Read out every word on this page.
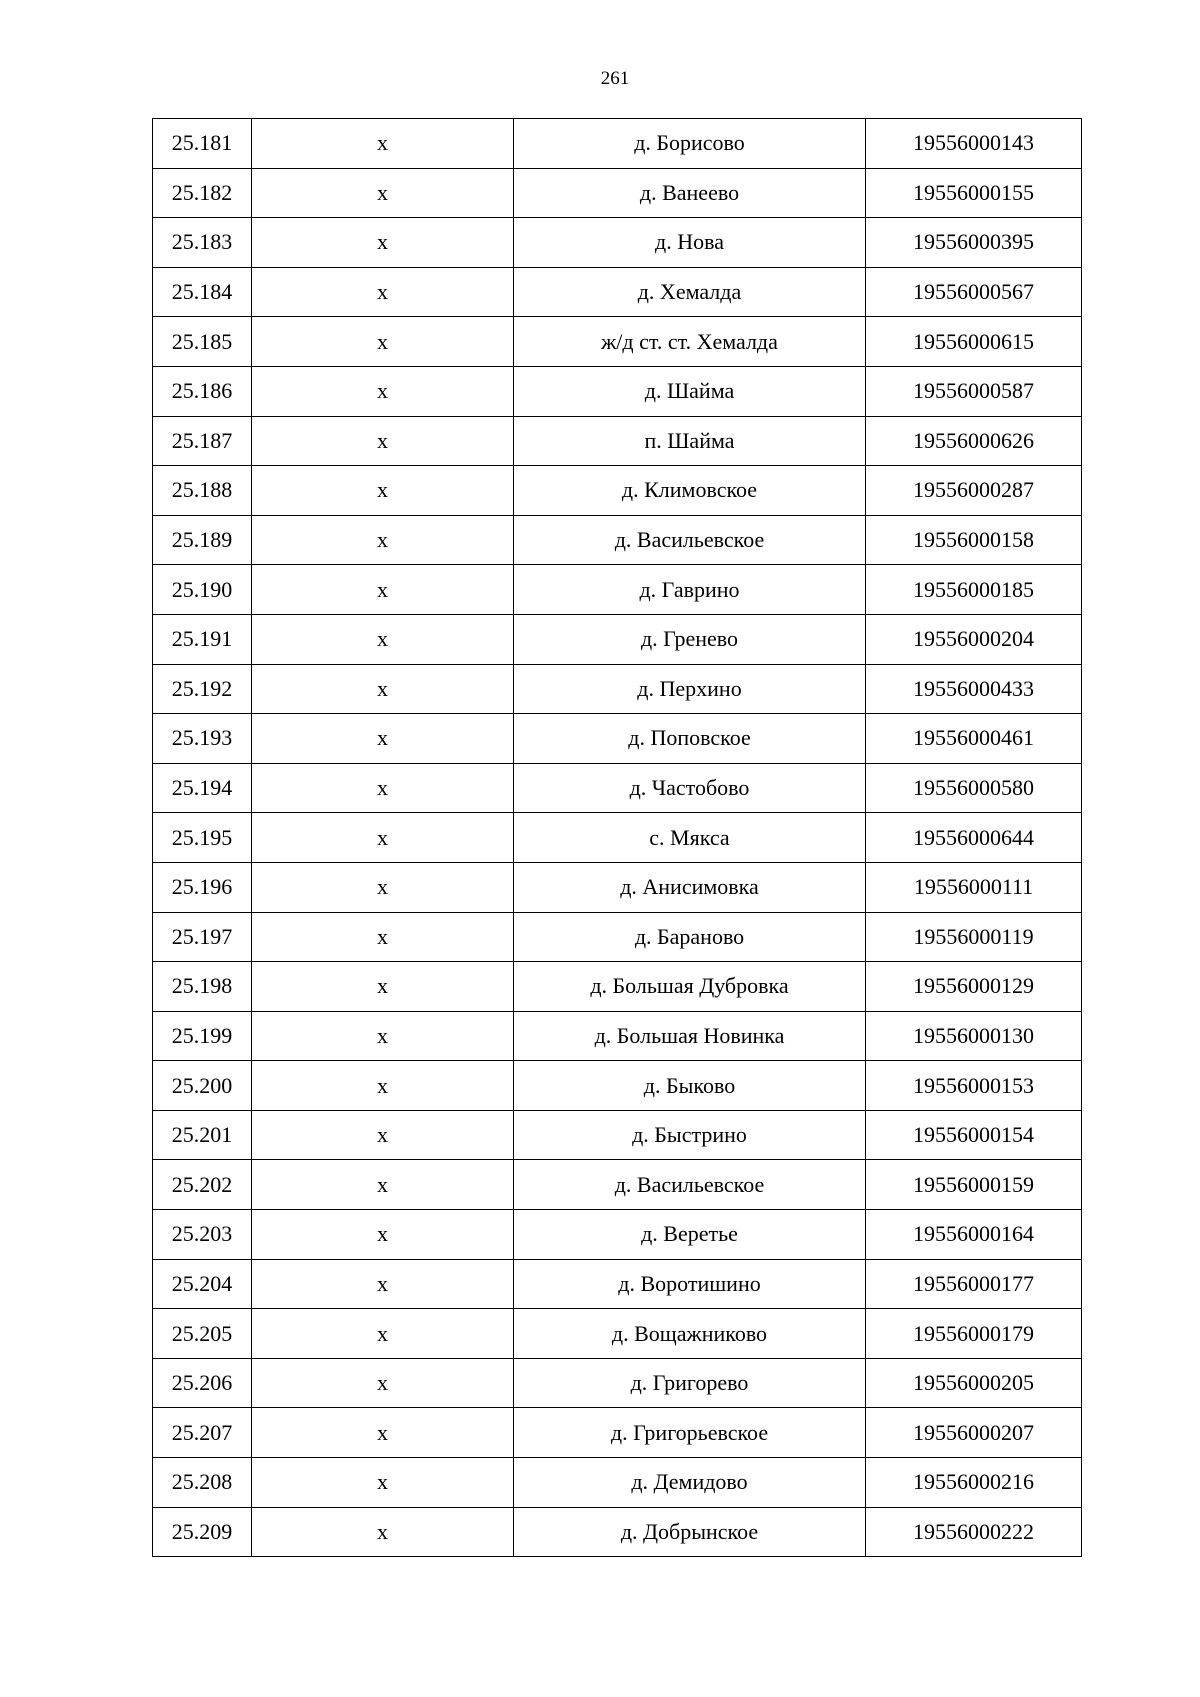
261
25.181	х	д. Борисово	19556000143
25.182	х	д. Ванеево	19556000155
25.183	х	д. Нова	19556000395
25.184	х	д. Хемалда	19556000567
25.185	х	ж/д ст. ст. Хемалда	19556000615
25.186	х	д. Шайма	19556000587
25.187	х	п. Шайма	19556000626
25.188	х	д. Климовское	19556000287
25.189	х	д. Васильевское	19556000158
25.190	х	д. Гаврино	19556000185
25.191	х	д. Гренево	19556000204
25.192	х	д. Перхино	19556000433
25.193	х	д. Поповское	19556000461
25.194	х	д. Частобово	19556000580
25.195	х	с. Мякса	19556000644
25.196	х	д. Анисимовка	19556000111
25.197	х	д. Бараново	19556000119
25.198	х	д. Большая Дубровка	19556000129
25.199	х	д. Большая Новинка	19556000130
25.200	х	д. Быково	19556000153
25.201	х	д. Быстрино	19556000154
25.202	х	д. Васильевское	19556000159
25.203	х	д. Веретье	19556000164
25.204	х	д. Воротишино	19556000177
25.205	х	д. Вощажниково	19556000179
25.206	х	д. Григорево	19556000205
25.207	х	д. Григорьевское	19556000207
25.208	х	д. Демидово	19556000216
25.209	х	д. Добрынское	19556000222
